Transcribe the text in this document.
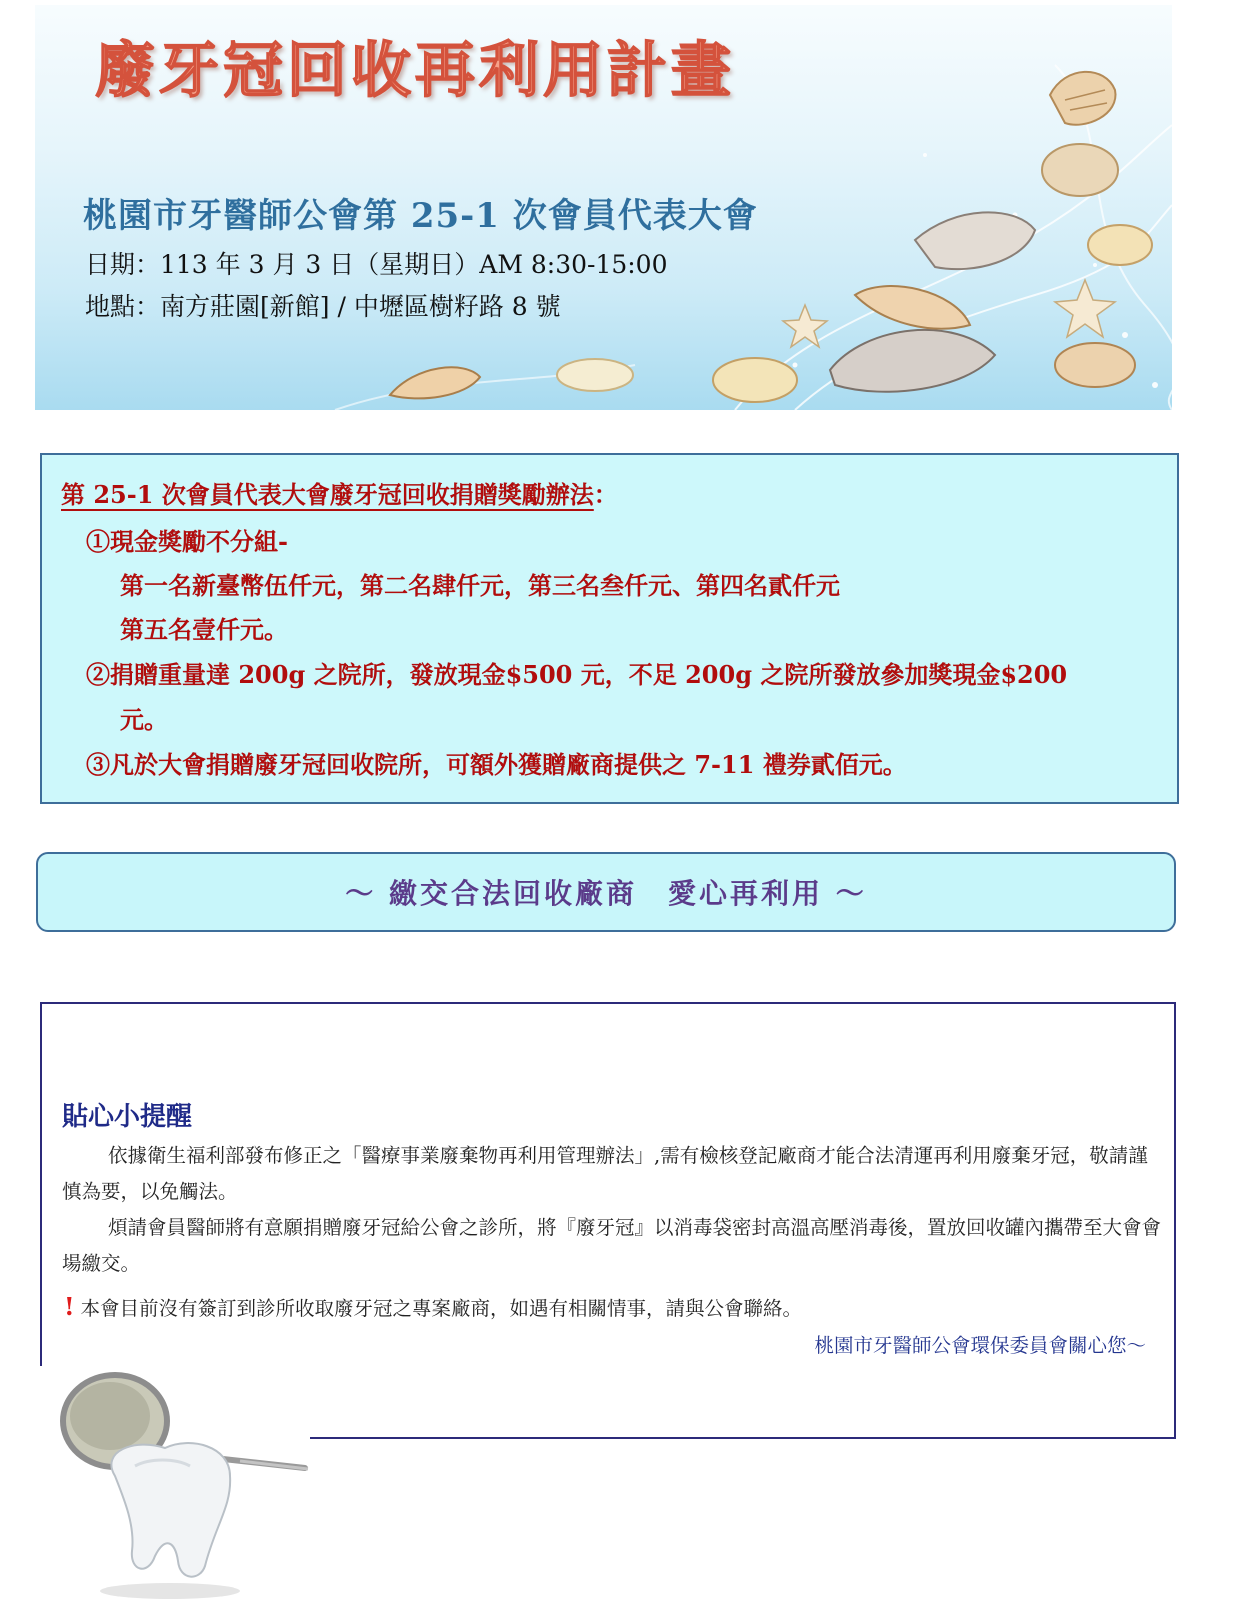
廢牙冠回收再利用計畫
桃園市牙醫師公會第 25-1 次會員代表大會
日期：113 年 3 月 3 日（星期日）AM 8:30-15:00
地點：南方莊園[新館] / 中壢區樹籽路 8 號
第 25-1 次會員代表大會廢牙冠回收捐贈獎勵辦法：
①現金獎勵不分組-
第一名新臺幣伍仟元，第二名肆仟元，第三名叁仟元、第四名貳仟元
第五名壹仟元。
②捐贈重量達 200g 之院所，發放現金$500 元，不足 200g 之院所發放參加獎現金$200
元。
③凡於大會捐贈廢牙冠回收院所，可額外獲贈廠商提供之 7-11 禮券貳佰元。
～ 繳交合法回收廠商　愛心再利用 ～
貼心小提醒
依據衛生福利部發布修正之「醫療事業廢棄物再利用管理辦法」,需有檢核登記廠商才能合法清運再利用廢棄牙冠，敬請謹慎為要，以免觸法。
煩請會員醫師將有意願捐贈廢牙冠給公會之診所，將『廢牙冠』以消毒袋密封高溫高壓消毒後，置放回收罐內攜帶至大會會場繳交。
! 本會目前沒有簽訂到診所收取廢牙冠之專案廠商，如遇有相關情事，請與公會聯絡。
桃園市牙醫師公會環保委員會關心您～
